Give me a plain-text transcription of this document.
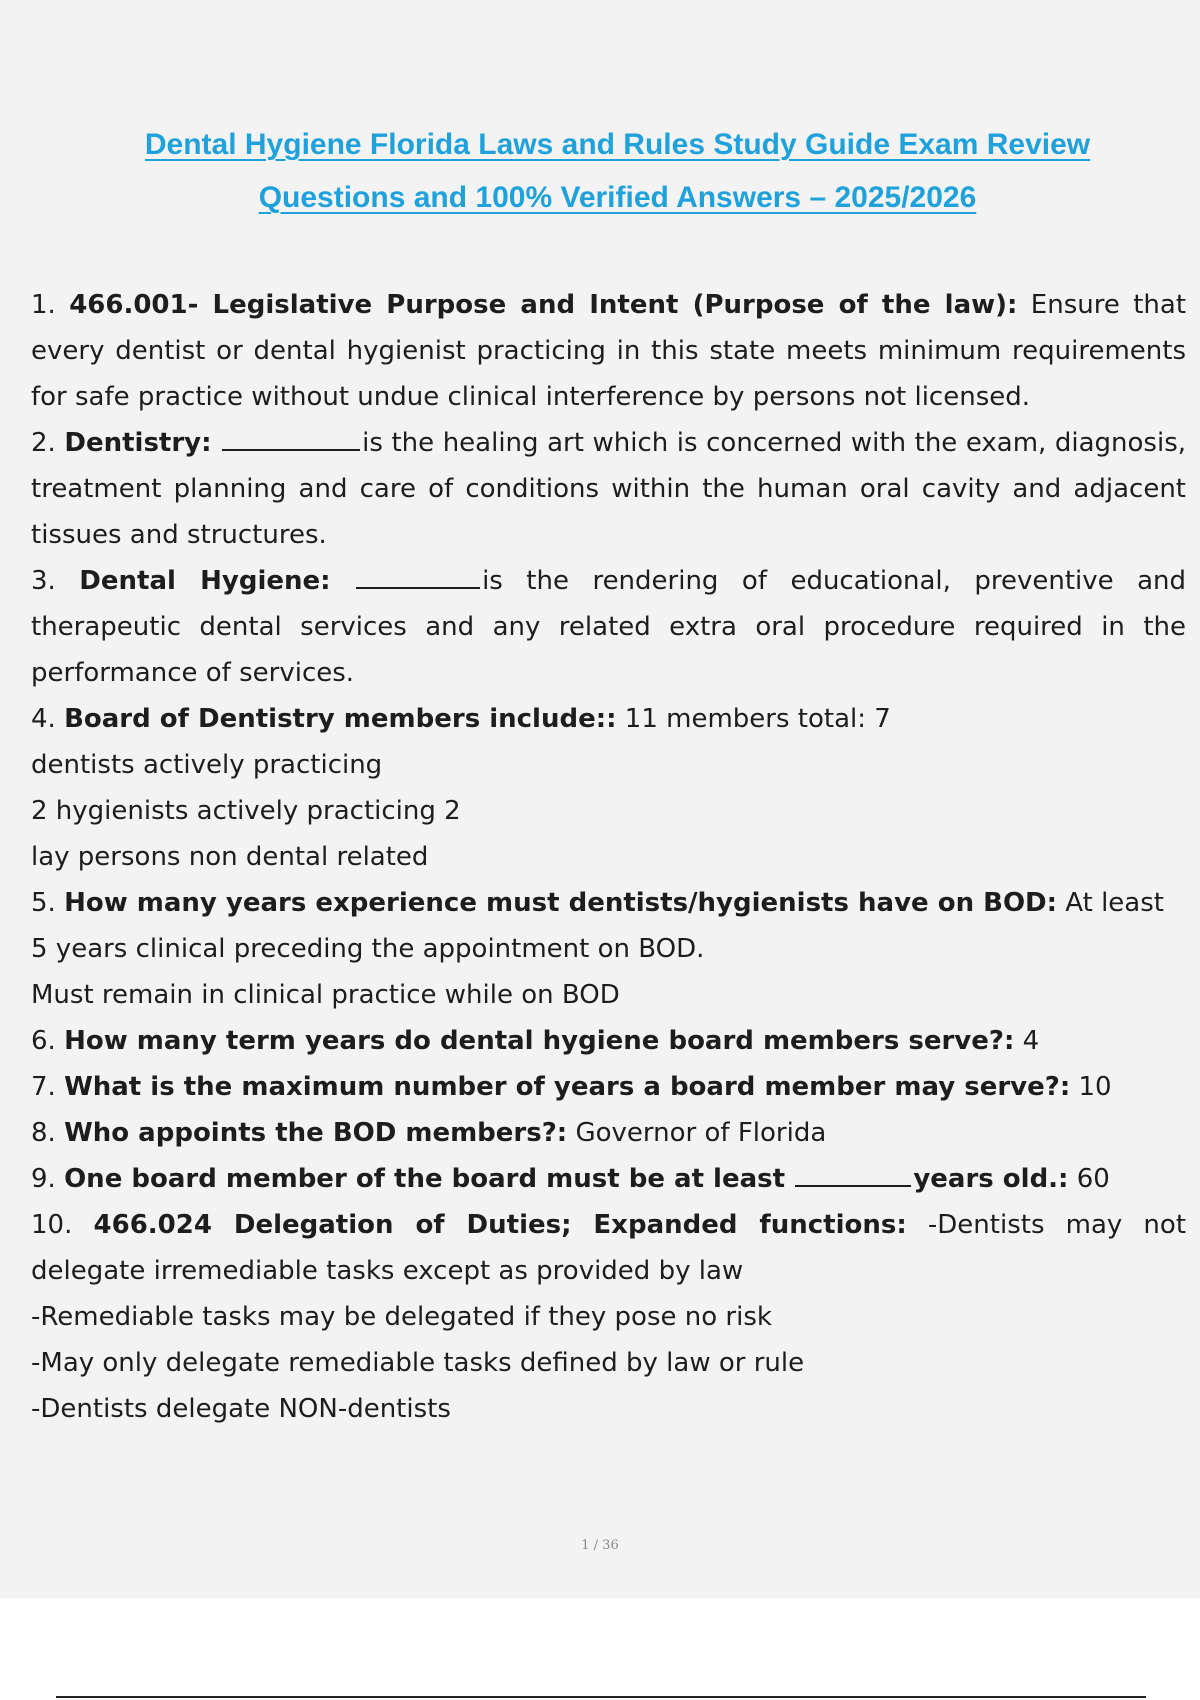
Dental Hygiene Florida Laws and Rules Study Guide Exam Review
Questions and 100% Verified Answers – 2025/2026

1. 466.001- Legislative Purpose and Intent (Purpose of the law): Ensure that every dentist or dental hygienist practicing in this state meets minimum requirements for safe practice without undue clinical interference by persons not licensed.

2. Dentistry:	is the healing art which is concerned with the exam, diagnosis, treatment planning and care of conditions within the human oral cavity and adjacent tissues and structures.

3. Dental Hygiene:	is the rendering of educational, preventive and therapeutic dental services and any related extra oral procedure required in the performance of services.

4. Board of Dentistry members include:: 11 members total: 7

dentists actively practicing

2 hygienists actively practicing 2

lay persons non dental related

5. How many years experience must dentists/hygienists have on BOD: At least 5 years clinical preceding the appointment on BOD.

Must remain in clinical practice while on BOD

6. How many term years do dental hygiene board members serve?: 4

7. What is the maximum number of years a board member may serve?: 10

8. Who appoints the BOD members?: Governor of Florida

9. One board member of the board must be at least	years old.: 60

10. 466.024 Delegation of Duties; Expanded functions: -Dentists may not delegate irremediable tasks except as provided by law

-Remediable tasks may be delegated if they pose no risk

-May only delegate remediable tasks defined by law or rule

-Dentists delegate NON-dentists

1 / 36
